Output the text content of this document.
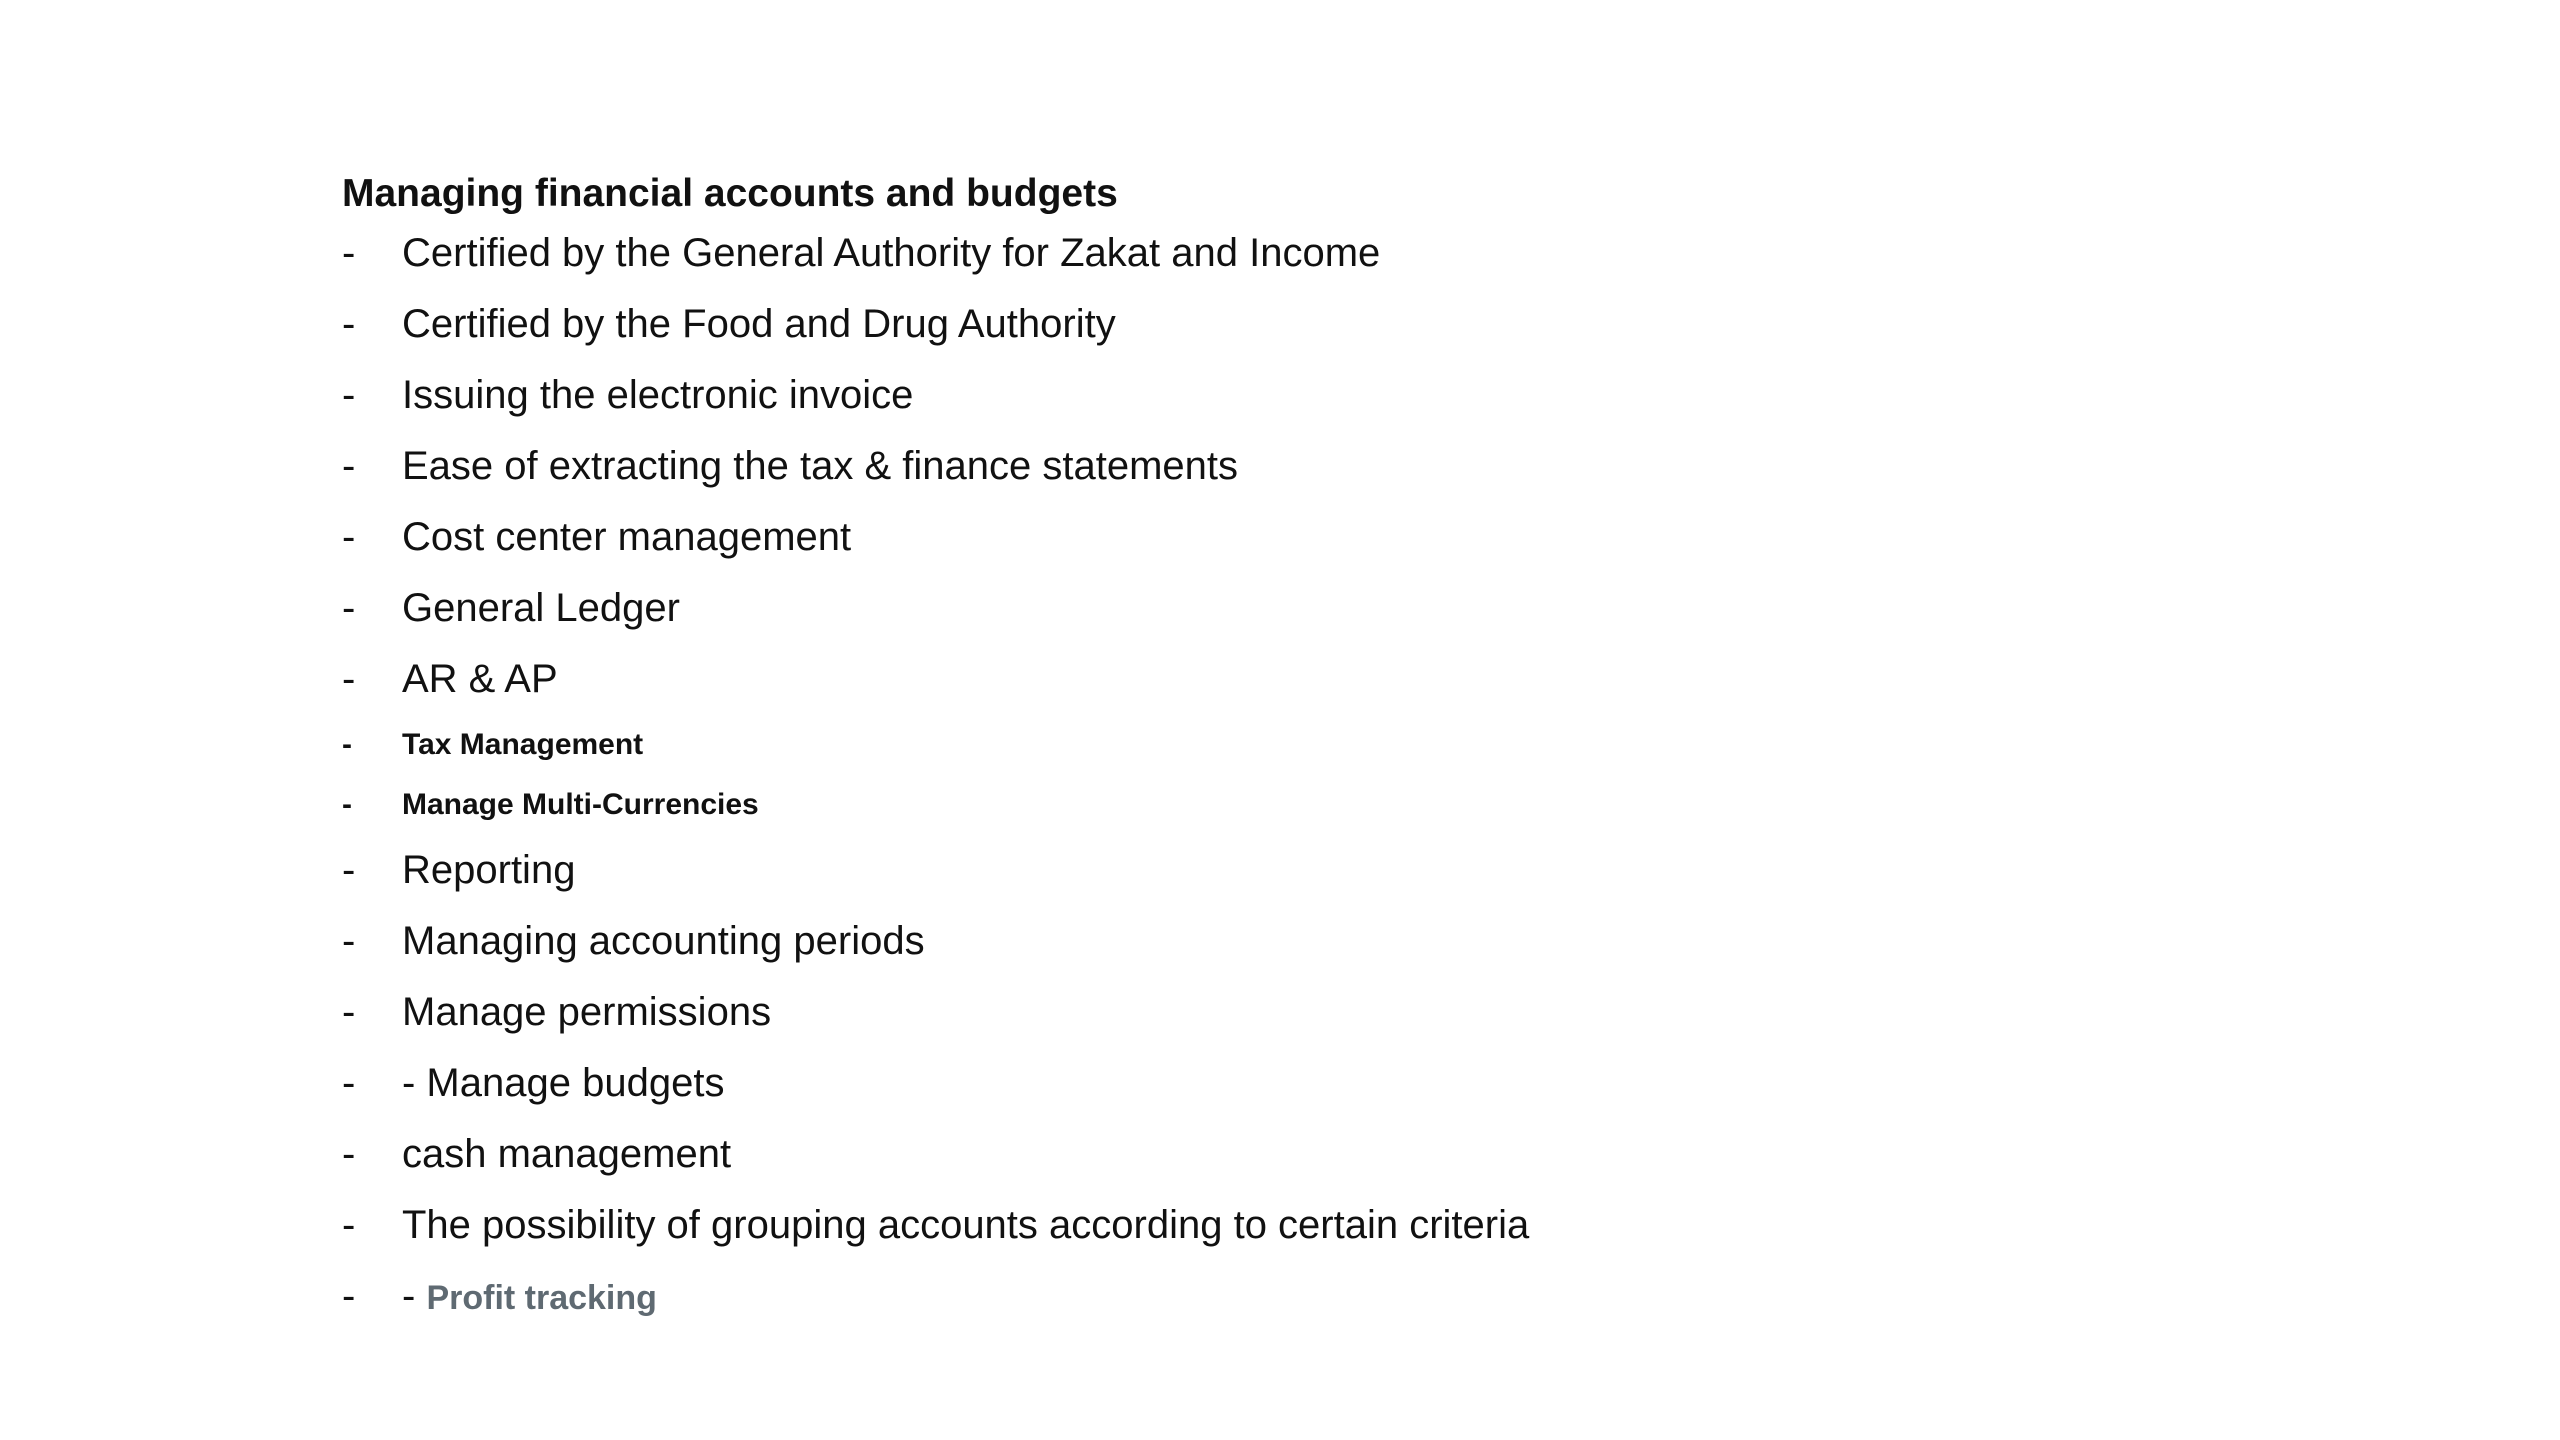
Managing financial accounts and budgets
-	Certified by the General Authority for Zakat and Income
-	Certified by the Food and Drug Authority
-	Issuing the electronic invoice
-	Ease of extracting the tax & finance statements
-	Cost center management
-	General Ledger
-	AR & AP
-	Tax Management
-	Manage Multi-Currencies
-	Reporting
-	Managing accounting periods
-	Manage permissions
-	- Manage budgets
-	cash management
-	The possibility of grouping accounts according to certain criteria
-	- Profit tracking
